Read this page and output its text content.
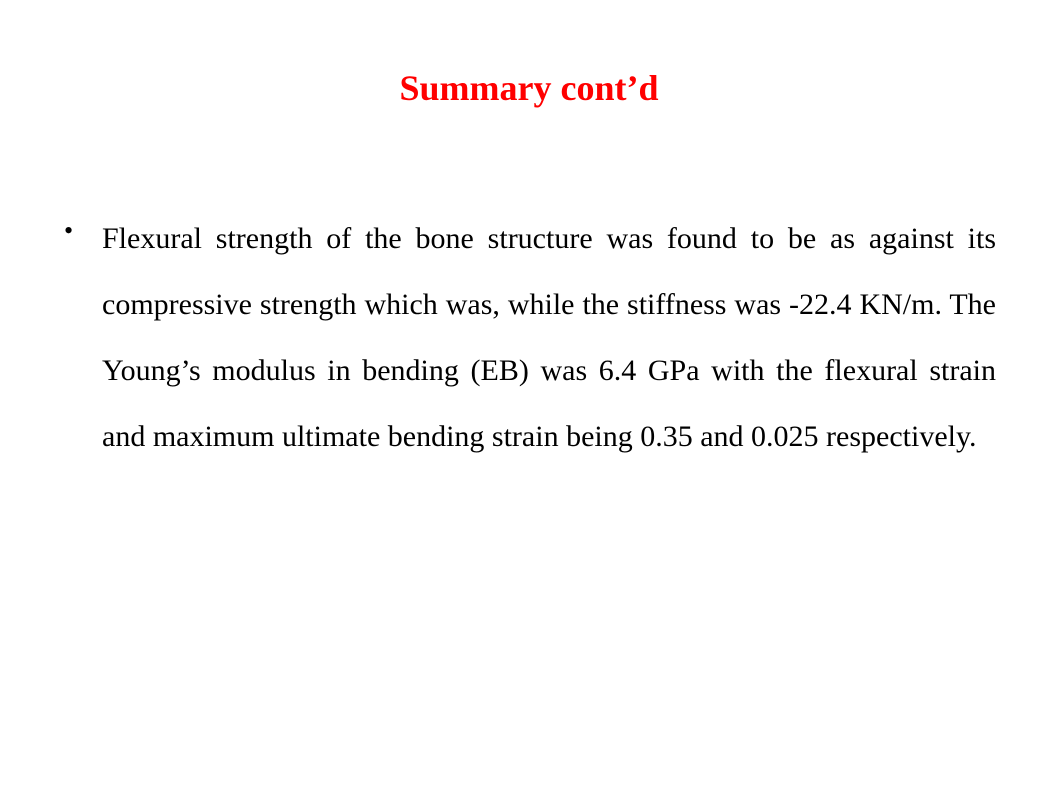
Summary cont’d
• Flexural strength of the bone structure was found to be as against its compressive strength which was, while the stiffness was -22.4 KN/m. The Young’s modulus in bending (EB) was 6.4 GPa with the flexural strain and maximum ultimate bending strain being 0.35 and 0.025 respectively.
